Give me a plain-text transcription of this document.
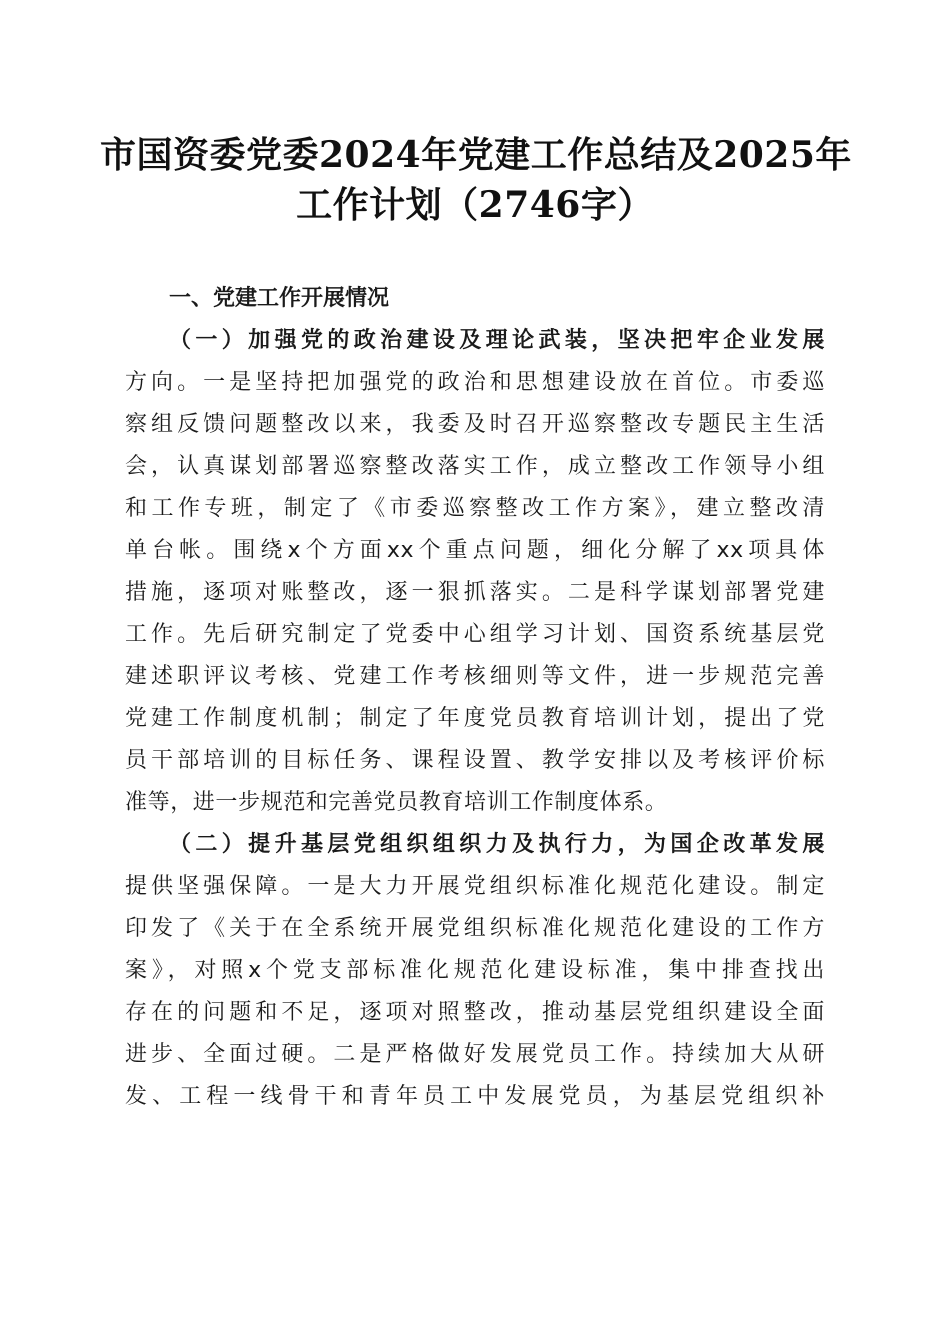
市国资委党委2024年党建工作总结及2025年
工作计划（2746字）

一、党建工作开展情况

（一）加强党的政治建设及理论武装，坚决把牢企业发展
方向。一是坚持把加强党的政治和思想建设放在首位。市委巡
察组反馈问题整改以来，我委及时召开巡察整改专题民主生活
会，认真谋划部署巡察整改落实工作，成立整改工作领导小组
和工作专班，制定了《市委巡察整改工作方案》，建立整改清
单台帐。围绕x个方面xx个重点问题，细化分解了xx项具体
措施，逐项对账整改，逐一狠抓落实。二是科学谋划部署党建
工作。先后研究制定了党委中心组学习计划、国资系统基层党
建述职评议考核、党建工作考核细则等文件，进一步规范完善
党建工作制度机制；制定了年度党员教育培训计划，提出了党
员干部培训的目标任务、课程设置、教学安排以及考核评价标
准等，进一步规范和完善党员教育培训工作制度体系。
（二）提升基层党组织组织力及执行力，为国企改革发展
提供坚强保障。一是大力开展党组织标准化规范化建设。制定
印发了《关于在全系统开展党组织标准化规范化建设的工作方
案》，对照x个党支部标准化规范化建设标准，集中排查找出
存在的问题和不足，逐项对照整改，推动基层党组织建设全面
进步、全面过硬。二是严格做好发展党员工作。持续加大从研
发、工程一线骨干和青年员工中发展党员，为基层党组织补
